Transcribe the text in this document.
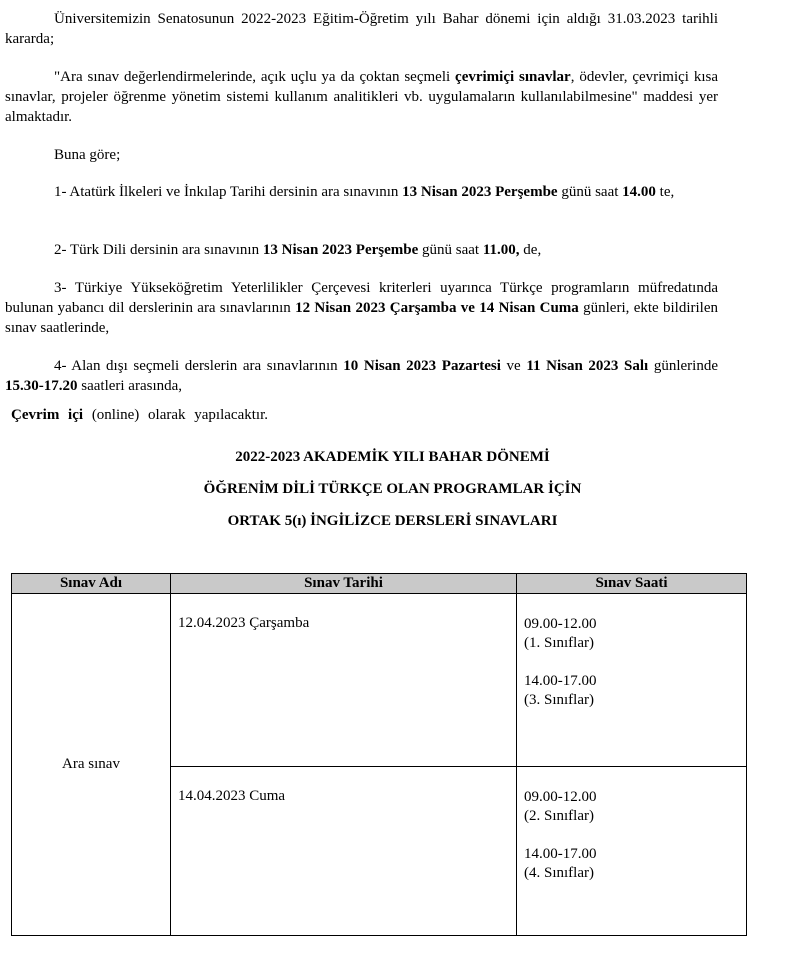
Üniversitemizin Senatosunun 2022-2023 Eğitim-Öğretim yılı Bahar dönemi için aldığı 31.03.2023 tarihli kararda;

"Ara sınav değerlendirmelerinde, açık uçlu ya da çoktan seçmeli çevrimiçi sınavlar, ödevler, çevrimiçi kısa sınavlar, projeler öğrenme yönetim sistemi kullanım analitikleri vb. uygulamaların kullanılabilmesine" maddesi yer almaktadır.

Buna göre;

1- Atatürk İlkeleri ve İnkılap Tarihi dersinin ara sınavının 13 Nisan 2023 Perşembe günü saat 14.00 te,

2- Türk Dili dersinin ara sınavının 13 Nisan 2023 Perşembe günü saat 11.00, de,

3- Türkiye Yükseköğretim Yeterlilikler Çerçevesi kriterleri uyarınca Türkçe programların müfredatında bulunan yabancı dil derslerinin ara sınavlarının 12 Nisan 2023 Çarşamba ve 14 Nisan Cuma günleri, ekte bildirilen sınav saatlerinde,

4- Alan dışı seçmeli derslerin ara sınavlarının 10 Nisan 2023 Pazartesi ve 11 Nisan 2023 Salı günlerinde 15.30-17.20 saatleri arasında,

Çevrim içi (online) olarak yapılacaktır.

2022-2023 AKADEMİK YILI BAHAR DÖNEMİ

ÖĞRENİM DİLİ TÜRKÇE OLAN PROGRAMLAR İÇİN

ORTAK 5(ı) İNGİLİZCE DERSLERİ SINAVLARI

Sınav Adı	Sınav Tarihi	Sınav Saati
Ara sınav	12.04.2023 Çarşamba	09.00-12.00
(1. Sınıflar)
14.00-17.00
(3. Sınıflar)

	14.04.2023 Cuma	09.00-12.00
(2. Sınıflar)
14.00-17.00
(4. Sınıflar)
